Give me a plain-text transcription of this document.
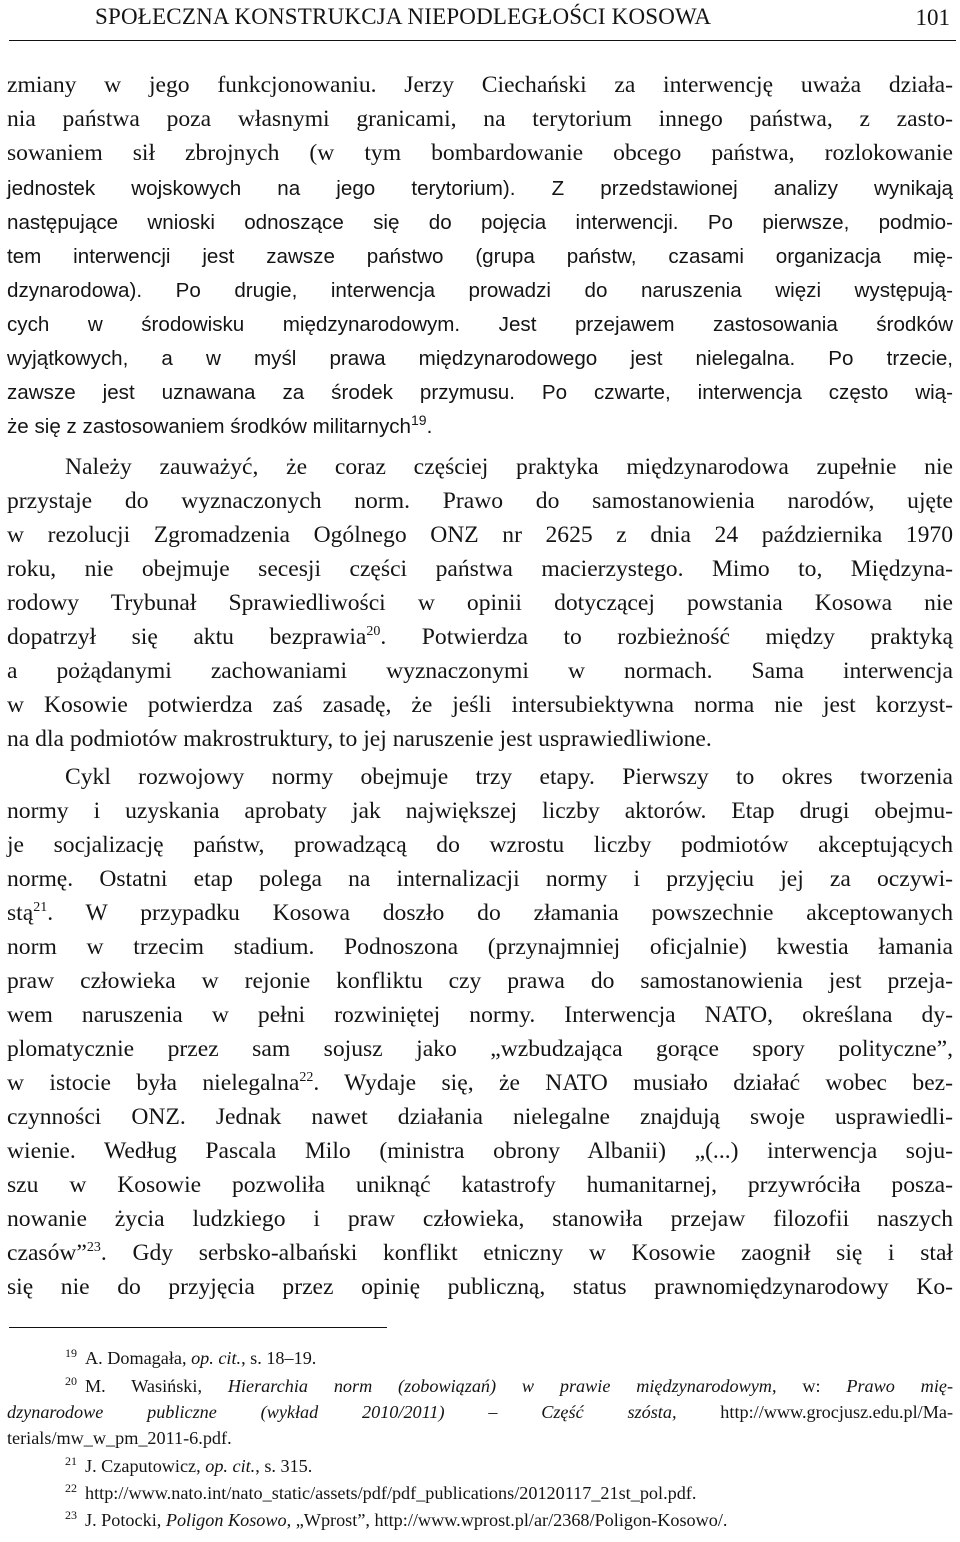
SPOŁECZNA KONSTRUKCJA NIEPODLEGŁOŚCI KOSOWA	101
zmiany w jego funkcjonowaniu. Jerzy Ciechański za interwencję uważa działa-
nia państwa poza własnymi granicami, na terytorium innego państwa, z zasto-
sowaniem sił zbrojnych (w tym bombardowanie obcego państwa, rozlokowanie
jednostek wojskowych na jego terytorium). Z przedstawionej analizy wynikają
następujące wnioski odnoszące się do pojęcia interwencji. Po pierwsze, podmio-
tem interwencji jest zawsze państwo (grupa państw, czasami organizacja mię-
dzynarodowa). Po drugie, interwencja prowadzi do naruszenia więzi występują-
cych w środowisku międzynarodowym. Jest przejawem zastosowania środków
wyjątkowych, a w myśl prawa międzynarodowego jest nielegalna. Po trzecie,
zawsze jest uznawana za środek przymusu. Po czwarte, interwencja często wią-
że się z zastosowaniem środków militarnych$^{19}$.
Należy zauważyć, że coraz częściej praktyka międzynarodowa zupełnie nie
przystaje do wyznaczonych norm. Prawo do samostanowienia narodów, ujęte
w rezolucji Zgromadzenia Ogólnego ONZ nr 2625 z dnia 24 października 1970
roku, nie obejmuje secesji części państwa macierzystego. Mimo to, Międzyna-
rodowy Trybunał Sprawiedliwości w opinii dotyczącej powstania Kosowa nie
dopatrzył się aktu bezprawia$^{20}$. Potwierdza to rozbieżność między praktyką
a pożądanymi zachowaniami wyznaczonymi w normach. Sama interwencja
w Kosowie potwierdza zaś zasadę, że jeśli intersubiektywna norma nie jest korzyst-
na dla podmiotów makrostruktury, to jej naruszenie jest usprawiedliwione.
Cykl rozwojowy normy obejmuje trzy etapy. Pierwszy to okres tworzenia
normy i uzyskania aprobaty jak największej liczby aktorów. Etap drugi obejmu-
je socjalizację państw, prowadzącą do wzrostu liczby podmiotów akceptujących
normę. Ostatni etap polega na internalizacji normy i przyjęciu jej za oczywi-
stą$^{21}$. W przypadku Kosowa doszło do złamania powszechnie akceptowanych
norm w trzecim stadium. Podnoszona (przynajmniej oficjalnie) kwestia łamania
praw człowieka w rejonie konfliktu czy prawa do samostanowienia jest przeja-
wem naruszenia w pełni rozwiniętej normy. Interwencja NATO, określana dy-
plomatycznie przez sam sojusz jako „wzbudzająca gorące spory polityczne”,
w istocie była nielegalna$^{22}$. Wydaje się, że NATO musiało działać wobec bez-
czynności ONZ. Jednak nawet działania nielegalne znajdują swoje usprawiedli-
wienie. Według Pascala Milo (ministra obrony Albanii) „(...) interwencja soju-
szu w Kosowie pozwoliła uniknąć katastrofy humanitarnej, przywróciła posza-
nowanie życia ludzkiego i praw człowieka, stanowiła przejaw filozofii naszych
czasów”$^{23}$. Gdy serbsko-albański konflikt etniczny w Kosowie zaognił się i stał
się nie do przyjęcia przez opinię publiczną, status prawnomiędzynarodowy Ko-
$^{19}$ A. Domagała, op. cit., s. 18–19.
$^{20}$ M. Wasiński, Hierarchia norm (zobowiązań) w prawie międzynarodowym, w: Prawo mię-
dzynarodowe publiczne (wykład 2010/2011) – Część szósta, http://www.grocjusz.edu.pl/Ma-
terials/mw_w_pm_2011-6.pdf.
$^{21}$ J. Czaputowicz, op. cit., s. 315.
$^{22}$ http://www.nato.int/nato_static/assets/pdf/pdf_publications/20120117_21st_pol.pdf.
$^{23}$ J. Potocki, Poligon Kosowo, „Wprost”, http://www.wprost.pl/ar/2368/Poligon-Kosowo/.
